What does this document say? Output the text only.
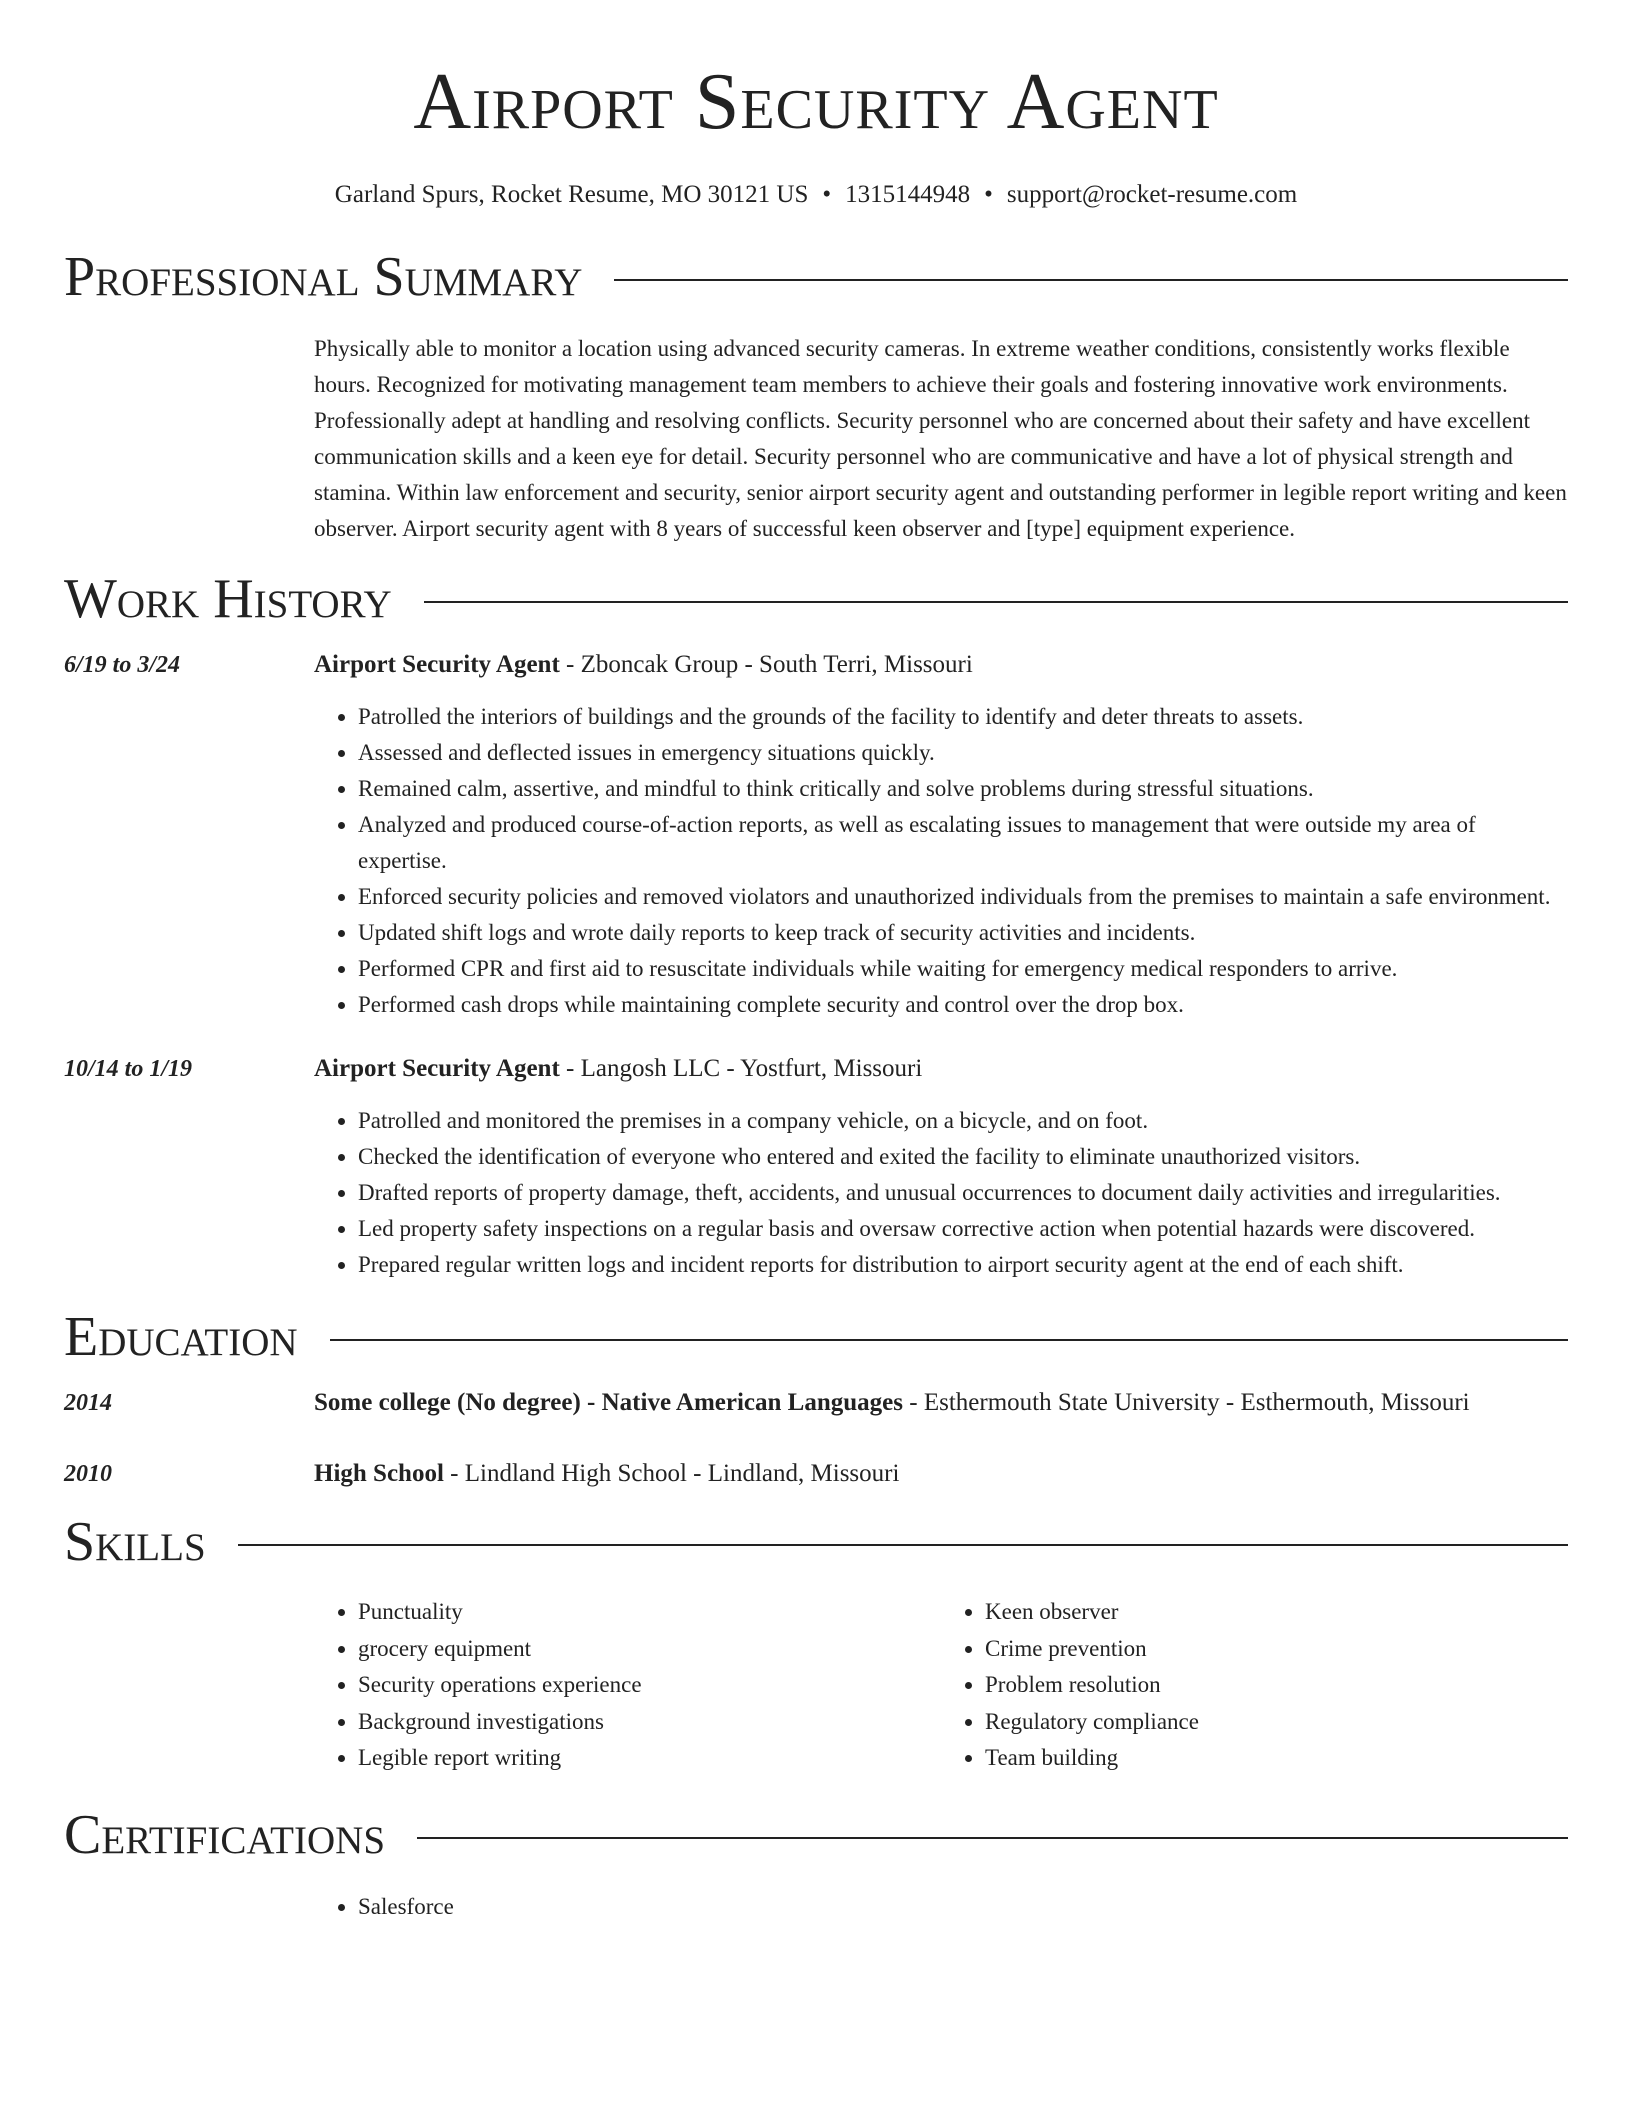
Airport Security Agent
Garland Spurs, Rocket Resume, MO 30121 US • 1315144948 • support@rocket-resume.com
Professional Summary
Physically able to monitor a location using advanced security cameras. In extreme weather conditions, consistently works flexible hours. Recognized for motivating management team members to achieve their goals and fostering innovative work environments. Professionally adept at handling and resolving conflicts. Security personnel who are concerned about their safety and have excellent communication skills and a keen eye for detail. Security personnel who are communicative and have a lot of physical strength and stamina. Within law enforcement and security, senior airport security agent and outstanding performer in legible report writing and keen observer. Airport security agent with 8 years of successful keen observer and [type] equipment experience.
Work History
6/19 to 3/24	Airport Security Agent - Zboncak Group - South Terri, Missouri
• Patrolled the interiors of buildings and the grounds of the facility to identify and deter threats to assets.
• Assessed and deflected issues in emergency situations quickly.
• Remained calm, assertive, and mindful to think critically and solve problems during stressful situations.
• Analyzed and produced course-of-action reports, as well as escalating issues to management that were outside my area of expertise.
• Enforced security policies and removed violators and unauthorized individuals from the premises to maintain a safe environment.
• Updated shift logs and wrote daily reports to keep track of security activities and incidents.
• Performed CPR and first aid to resuscitate individuals while waiting for emergency medical responders to arrive.
• Performed cash drops while maintaining complete security and control over the drop box.
10/14 to 1/19	Airport Security Agent - Langosh LLC - Yostfurt, Missouri
• Patrolled and monitored the premises in a company vehicle, on a bicycle, and on foot.
• Checked the identification of everyone who entered and exited the facility to eliminate unauthorized visitors.
• Drafted reports of property damage, theft, accidents, and unusual occurrences to document daily activities and irregularities.
• Led property safety inspections on a regular basis and oversaw corrective action when potential hazards were discovered.
• Prepared regular written logs and incident reports for distribution to airport security agent at the end of each shift.
Education
2014	Some college (No degree) - Native American Languages - Esthermouth State University - Esthermouth, Missouri
2010	High School - Lindland High School - Lindland, Missouri
Skills
• Punctuality
• grocery equipment
• Security operations experience
• Background investigations
• Legible report writing
• Keen observer
• Crime prevention
• Problem resolution
• Regulatory compliance
• Team building
Certifications
• Salesforce
